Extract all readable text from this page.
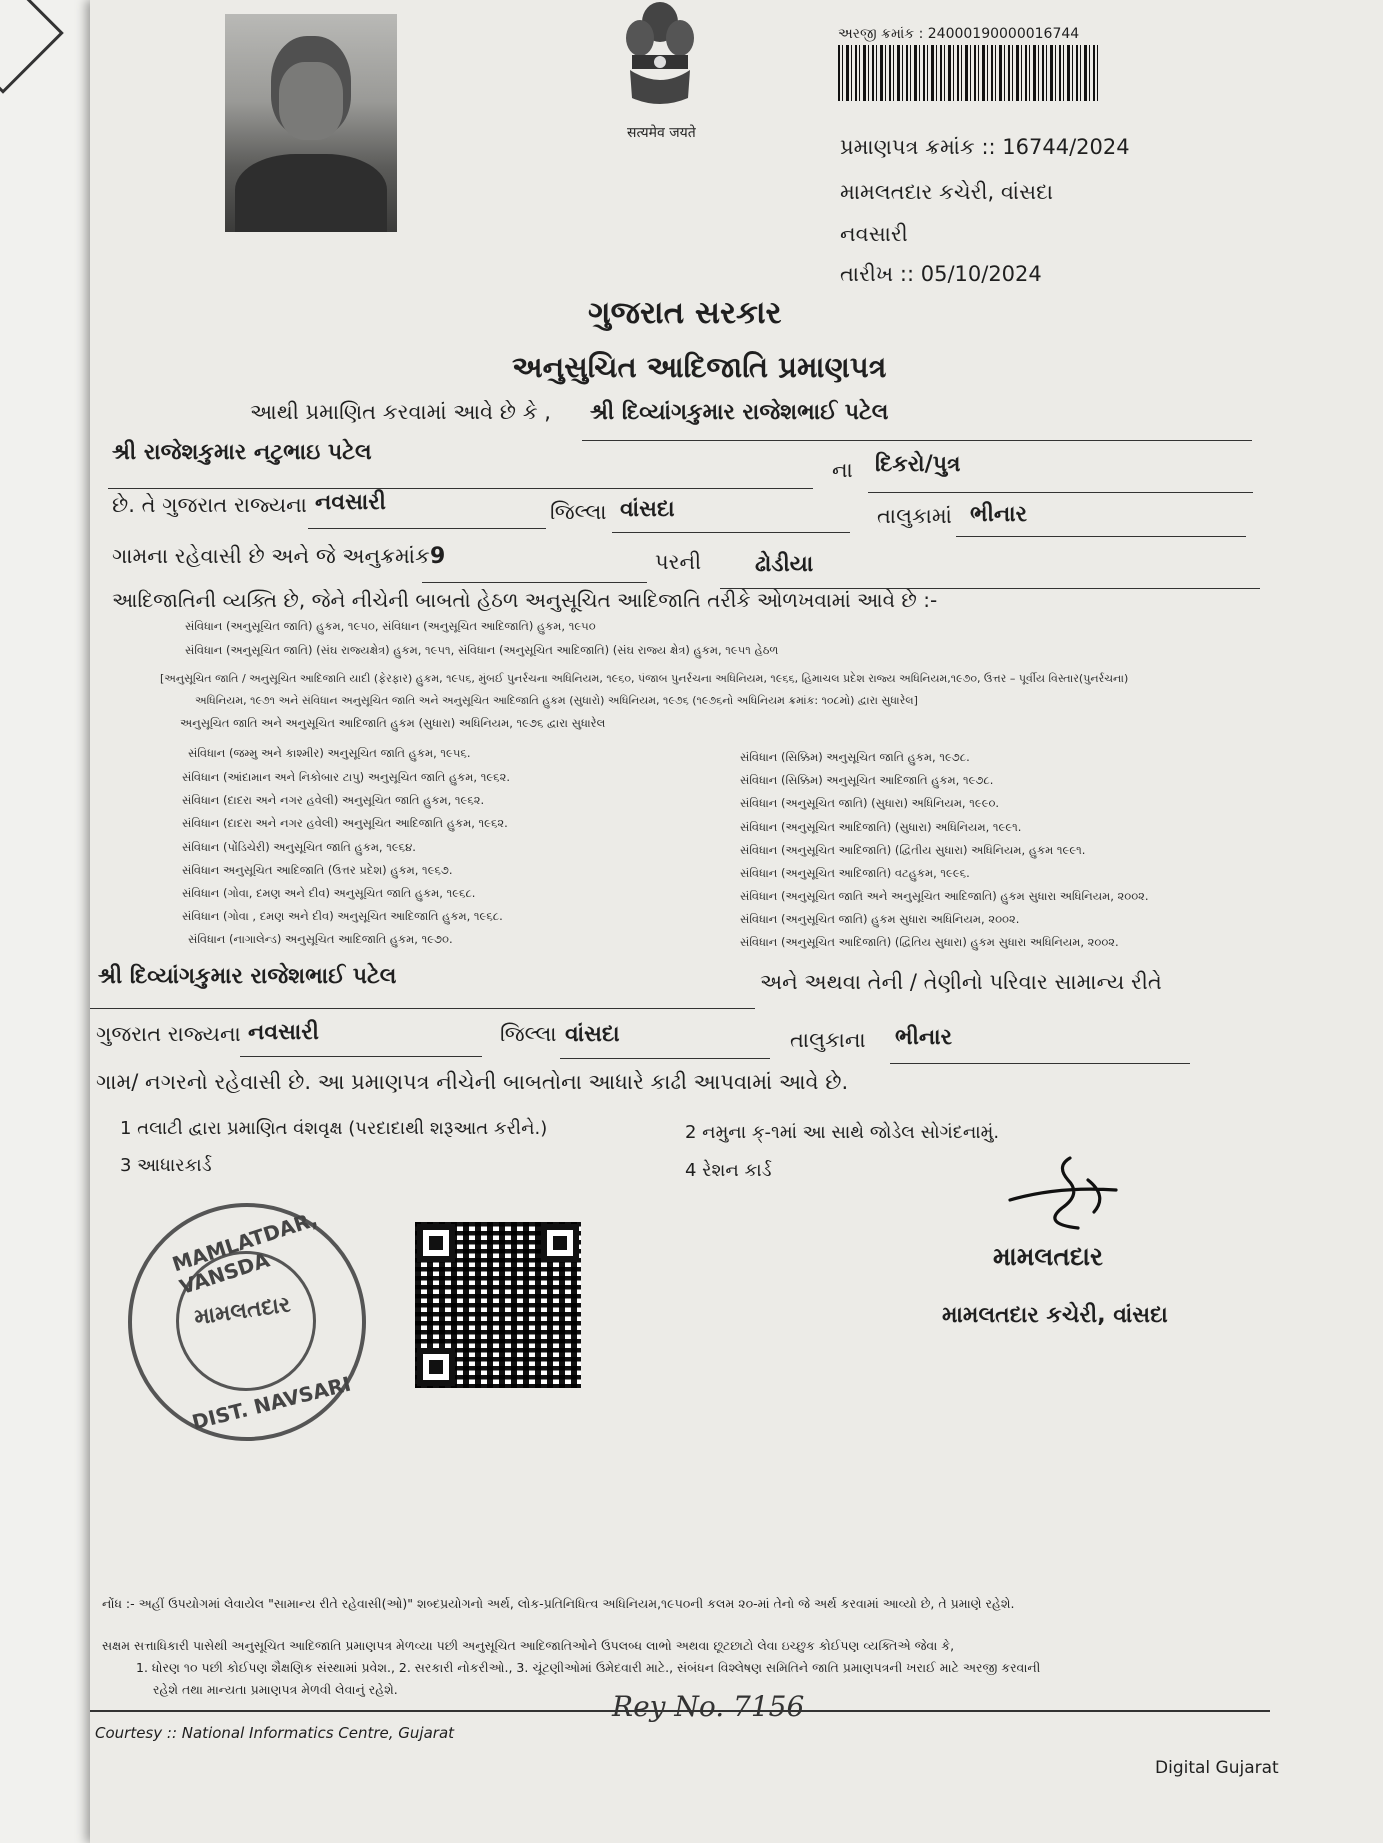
सत्यमेव जयते
અરજી ક્રમાંક : 24000190000016744
પ્રમાણપત્ર ક્રમાંક :: 16744/2024
મામલતદાર કચેરી, વાંસદા
નવસારી
તારીખ :: 05/10/2024
ગુજરાત સરકાર
અનુસુચિત આદિજાતિ પ્રમાણપત્ર
આથી પ્રમાણિત કરવામાં આવે છે કે , શ્રી દિવ્યાંગકુમાર રાજેશભાઈ પટેલ
શ્રી રાજેશકુમાર નટુભાઇ પટેલ
ના દિકરો/પુત્ર
છે. તે ગુજરાત રાજ્યના નવસારી	જિલ્લા વાંસદા	તાલુકામાં ભીનાર
ગામના રહેવાસી છે અને જે અનુક્રમાંક 9	પરની ઢોડીયા
આદિજાતિની વ્યક્તિ છે, જેને નીચેની બાબતો હેઠળ અનુસૂચિત આદિજાતિ તરીકે ઓળખવામાં આવે છે :-
સંવિધાન (અનુસૂચિત જાતિ) હુકમ, ૧૯૫૦, સંવિધાન (અનુસૂચિત આદિજાતિ) હુકમ, ૧૯૫૦
સંવિધાન (અનુસૂચિત જાતિ) (સંઘ રાજ્યક્ષેત્ર) હુકમ, ૧૯૫૧, સંવિધાન (અનુસૂચિત આદિજાતિ) (સંઘ રાજ્ય ક્ષેત્ર) હુકમ, ૧૯૫૧ હેઠળ
[અનુસૂચિત જાતિ / અનુસૂચિત આદિજાતિ યાદી (ફેરફાર) હુકમ, ૧૯૫૬, મુંબઈ પુનર્રચના અધિનિયમ, ૧૯૬૦, પંજાબ પુનર્રચના અધિનિયમ, ૧૯૬૬, હિમાચલ પ્રદેશ રાજ્ય અધિનિયમ,૧૯૭૦, ઉત્તર – પૂર્વીય વિસ્તાર(પુનર્રચના)
અધિનિયમ, ૧૯૭૧ અને સંવિધાન અનુસૂચિત જાતિ અને અનુસૂચિત આદિજાતિ હુકમ (સુધારો) અધિનિયમ, ૧૯૭૬ (૧૯૭૬નો અધિનિયમ ક્રમાંક: ૧૦૮મો) દ્વારા સુધારેલ]
અનુસૂચિત જાતિ અને અનુસૂચિત આદિજાતિ હુકમ (સુધારા) અધિનિયમ, ૧૯૭૬ દ્વારા સુધારેલ
સંવિધાન (જમ્મુ અને કાશ્મીર) અનુસૂચિત જાતિ હુકમ, ૧૯૫૬.
સંવિધાન (આંદામાન અને નિકોબાર ટાપુ) અનુસૂચિત જાતિ હુકમ, ૧૯૬૨.
સંવિધાન (દાદરા અને નગર હવેલી) અનુસૂચિત જાતિ હુકમ, ૧૯૬૨.
સંવિધાન (દાદરા અને નગર હવેલી) અનુસૂચિત આદિજાતિ હુકમ, ૧૯૬૨.
સંવિધાન (પોંડિચેરી) અનુસૂચિત જાતિ હુકમ, ૧૯૬૪.
સંવિધાન અનુસૂચિત આદિજાતિ (ઉત્તર પ્રદેશ) હુકમ, ૧૯૬૭.
સંવિધાન (ગોવા, દમણ અને દીવ) અનુસૂચિત જાતિ હુકમ, ૧૯૬૮.
સંવિધાન (ગોવા , દમણ અને દીવ) અનુસૂચિત આદિજાતિ હુકમ, ૧૯૬૮.
સંવિધાન (નાગાલેન્ડ) અનુસૂચિત આદિજાતિ હુકમ, ૧૯૭૦.
સંવિધાન (સિક્કિમ) અનુસૂચિત જાતિ હુકમ, ૧૯૭૮.
સંવિધાન (સિક્કિમ) અનુસૂચિત આદિજાતિ હુકમ, ૧૯૭૮.
સંવિધાન (અનુસૂચિત જાતિ) (સુધારા) અધિનિયમ, ૧૯૯૦.
સંવિધાન (અનુસૂચિત આદિજાતિ) (સુધારા) અધિનિયમ, ૧૯૯૧.
સંવિધાન (અનુસૂચિત આદિજાતિ) (દ્વિતીય સુધારા) અધિનિયમ, હુકમ ૧૯૯૧.
સંવિધાન (અનુસૂચિત આદિજાતિ) વટહુકમ, ૧૯૯૬.
સંવિધાન (અનુસૂચિત જાતિ અને અનુસૂચિત આદિજાતિ) હુકમ સુધારા અધિનિયમ, ૨૦૦૨.
સંવિધાન (અનુસૂચિત જાતિ) હુકમ સુધારા અધિનિયમ, ૨૦૦૨.
સંવિધાન (અનુસૂચિત આદિજાતિ) (દ્વિતિય સુધારા) હુકમ સુધારા અધિનિયમ, ૨૦૦૨.
શ્રી દિવ્યાંગકુમાર રાજેશભાઈ પટેલ	અને અથવા તેની / તેણીનો પરિવાર સામાન્ય રીતે
ગુજરાત રાજ્યના નવસારી	જિલ્લા વાંસદા	તાલુકાના ભીનાર
ગામ/ નગરનો રહેવાસી છે. આ પ્રમાણપત્ર નીચેની બાબતોના આધારે કાઢી આપવામાં આવે છે.
1 તલાટી દ્વારા પ્રમાણિત વંશવૃક્ષ (પરદાદાથી શરૂઆત કરીને.)	2 નમુના ક્-૧માં આ સાથે જોડેલ સોગંદનામું.
3 આધારકાર્ડ	4 રેશન કાર્ડ
MAMLATDAR, VANSDA
મામલતદાર
DIST. NAVSARI
મામલતદાર
મામલતદાર કચેરી, વાંસદા
નોંધ :- અહીં ઉપયોગમાં લેવાયેલ "સામાન્ય રીતે રહેવાસી(ઓ)" શબ્દપ્રયોગનો અર્થ, લોક-પ્રતિનિધિત્વ અધિનિયમ,૧૯૫૦ની કલમ ૨૦-માં તેનો જે અર્થ કરવામાં આવ્યો છે, તે પ્રમાણે રહેશે.
સક્ષમ સત્તાધિકારી પાસેથી અનુસૂચિત આદિજાતિ પ્રમાણપત્ર મેળવ્યા પછી અનુસૂચિત આદિજાતિઓને ઉપલબ્ધ લાભો અથવા છૂટછાટો લેવા ઇચ્છુક કોઈપણ વ્યક્તિએ જેવા કે,
1. ધોરણ ૧૦ પછી કોઈપણ શૈક્ષણિક સંસ્થામાં પ્રવેશ., 2. સરકારી નોકરીઓ., 3. ચૂંટણીઓમાં ઉમેદવારી માટે., સંબંધન વિશ્લેષણ સમિતિને જાતિ પ્રમાણપત્રની ખરાઈ માટે અરજી કરવાની
રહેશે તથા માન્યતા પ્રમાણપત્ર મેળવી લેવાનું રહેશે.
Rey No. 7156
Courtesy :: National Informatics Centre, Gujarat
Digital Gujarat
